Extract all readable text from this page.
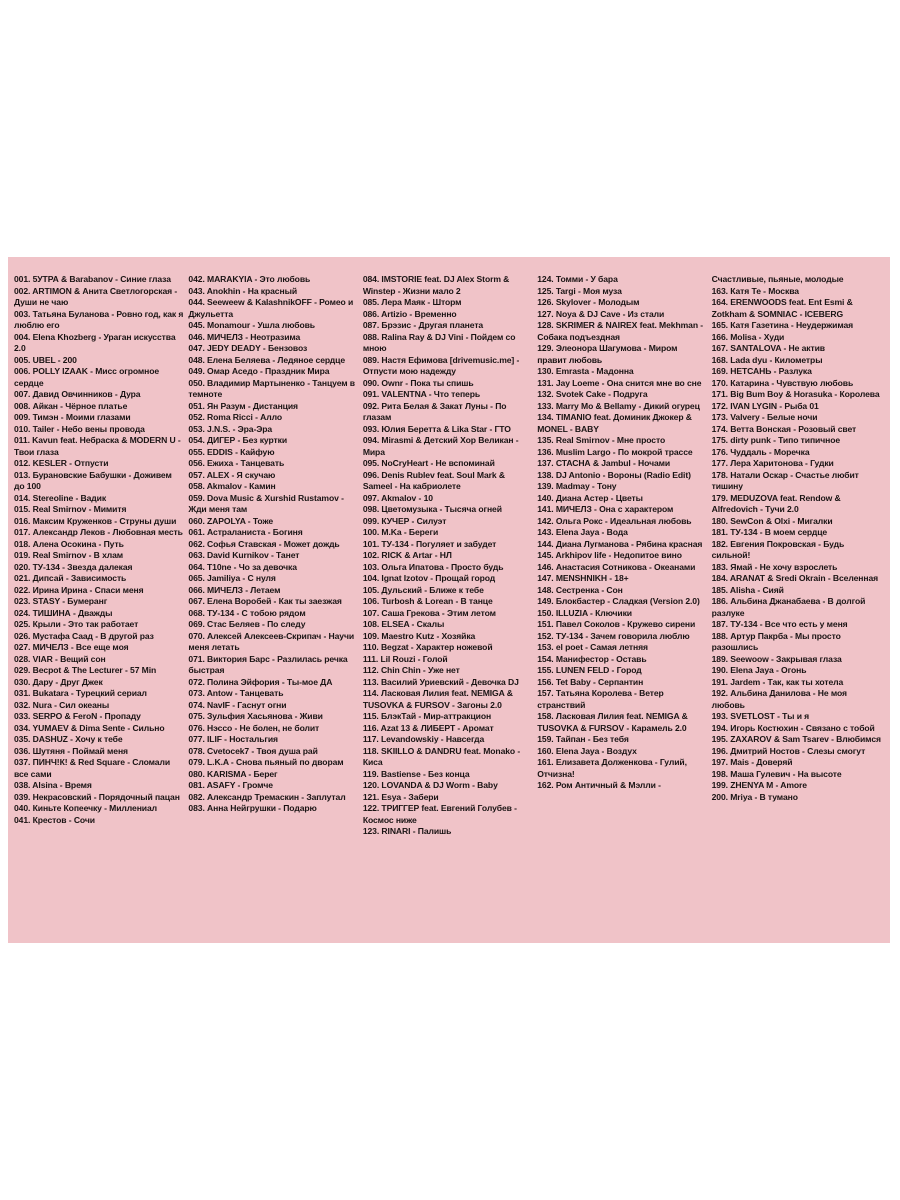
001. 5УТРА & Barabanov - Синие глаза
002. ARTIMON & Анита Светлогорская - Души не чаю
003. Татьяна Буланова - Ровно год, как я люблю его
004. Elena Khozberg - Ураган искусства 2.0
005. UBEL - 200
006. POLLY IZAAK - Мисс огромное сердце
007. Давид Овчинников - Дура
008. Айкан - Чёрное платье
009. Тимэн - Моими глазами
010. Tailer - Небо вены провода
011. Kavun feat. Небраска & MODERN U - Твои глаза
012. KESLER - Отпусти
013. Бурановские Бабушки - Доживем до 100
014. Stereoline - Вадик
015. Real Smirnov - Мимитя
016. Максим Круженков - Струны души
017. Александр Леков - Любовная месть
018. Алена Осокина - Путь
019. Real Smirnov - В хлам
020. ТУ-134 - Звезда далекая
021. Дипсай - Зависимость
022. Ирина Ирина - Спаси меня
023. STASY - Бумеранг
024. ТИШИНА - Дважды
025. Крыли - Это так работает
026. Мустафа Саад - В другой раз
027. МИЧЕЛЗ - Все еще моя
028. VIAR - Вещий сон
029. Becpot & The Lecturer - 57 Min
030. Дару - Друг Джек
031. Bukatara - Турецкий сериал
032. Nura - Сил океаны
033. SERPO & FeroN - Пропаду
034. YUMAEV & Dima Sente - Сильно
035. DASHUZ - Хочу к тебе
036. Шутяня - Поймай меня
037. ПИНЧ!К! & Red Square - Сломали все сами
038. Alsina - Время
039. Некрасовский - Порядочный пацан
040. Киньте Копеечку - Миллениал
041. Крестов - Сочи
042. MARAKYIA - Это любовь
043. Anokhin - На красный
044. Seeweew & KalashnikOFF - Ромео и Джульетта
045. Monamour - Ушла любовь
046. МИЧЕЛЗ - Неотразима
047. JEDY DEADY - Бензовоз
048. Елена Беляева - Ледяное сердце
049. Омар Аседо - Праздник Мира
050. Владимир Мартыненко - Танцуем в темноте
051. Ян Разум - Дистанция
052. Roma Ricci - Алло
053. J.N.S. - Эра-Эра
054. ДИГЕР - Без куртки
055. EDDIS - Кайфую
056. Ежиха - Танцевать
057. ALEX - Я скучаю
058. Akmalov - Камин
059. Dova Music & Xurshid Rustamov - Жди меня там
060. ZAPOLYA - Тоже
061. Астраланиста - Богиня
062. Софья Ставская - Может дождь
063. David Kurnikov - Танет
064. T10ne - Чо за девочка
065. Jamiliya - С нуля
066. МИЧЕЛЗ - Летаем
067. Елена Воробей - Как ты заезжая
068. ТУ-134 - С тобою рядом
069. Стас Беляев - По следу
070. Алексей Алексеев-Скрипач - Научи меня летать
071. Виктория Барс - Разлилась речка быстрая
072. Полина Эйфория - Ты-мое ДА
073. Antow - Танцевать
074. NavIF - Гаснут огни
075. Зульфия Хасьянова - Живи
076. Нэссо - Не болен, не болит
077. ILIF - Ностальгия
078. Cvetocek7 - Твоя душа рай
079. L.K.A - Снова пьяный по дворам
080. KARISMA - Берег
081. ASAFY - Громче
082. Александр Тремаскин - Заплутал
083. Анна Нейгрушки - Подарю
084. IMSTORIE feat. DJ Alex Storm & Winstep - Жизни мало 2
085. Лера Маяк - Шторм
086. Artizio - Временно
087. Брэзис - Другая планета
088. Ralina Ray & DJ Vini - Пойдем со мною
089. Настя Ефимова [drivemusic.me] - Отпусти мою надежду
090. Ownr - Пока ты спишь
091. VALENTNA - Что теперь
092. Рита Белая & Закат Луны - По глазам
093. Юлия Беретта & Lika Star - ГТО
094. Mirasmi & Детский Хор Великан - Мира
095. NoCryHeart - Не вспоминай
096. Denis Rublev feat. Soul Mark & Sameel - На кабриолете
097. Akmalov - 10
098. Цветомузыка - Тысяча огней
099. КУЧЕР - Силуэт
100. M.Ka - Береги
101. ТУ-134 - Погуляет и забудет
102. RICK & Artar - НЛ
103. Ольга Ипатова - Просто будь
104. Ignat Izotov - Прощай город
105. Дульский - Ближе к тебе
106. Turbosh & Lorean - В танце
107. Саша Грекова - Этим летом
108. ELSEA - Скалы
109. Maestro Kutz - Хозяйка
110. Begzat - Характер ножевой
111. Lil Rouzi - Голой
112. Chin Chin - Уже нет
113. Василий Уриевский - Девочка DJ
114. Ласковая Лилия feat. NEMIGA & TUSOVKA & FURSOV - Загоны 2.0
115. БлэкТай - Мир-аттракцион
116. Azat 13 & ЛИБЕРТ - Аромат
117. Levandowskiy - Навсегда
118. SKIILLO & DANDRU feat. Monako - Киса
119. Bastiense - Без конца
120. LOVANDA & DJ Worm - Baby
121. Esya - Забери
122. ТРИГГЕР feat. Евгений Голубев - Космос ниже
123. RINARI - Палишь
124. Томми - У бара
125. Targi - Моя муза
126. Skylover - Молодым
127. Noya & DJ Cave - Из стали
128. SKRIMER & NAIREX feat. Mekhman - Собака подъездная
129. Элеонора Шагумова - Миром правит любовь
130. Emrasta - Мадонна
131. Jay Loeme - Она снится мне во сне
132. Svotek Cake - Подруга
133. Marry Mo & Bellamy - Дикий огурец
134. TIMANIO feat. Доминик Джокер & MONEL - BABY
135. Real Smirnov - Мне просто
136. Muslim Largo - По мокрой трассе
137. СТАСНА & Jambul - Ночами
138. DJ Antonio - Вороны (Radio Edit)
139. Madmay - Тону
140. Диана Астер - Цветы
141. МИЧЕЛЗ - Она с характером
142. Ольга Рокс - Идеальная любовь
143. Elena Jaya - Вода
144. Диана Лугманова - Рябина красная
145. Arkhipov life - Недопитое вино
146. Анастасия Сотникова - Океанами
147. MENSHNIKH - 18+
148. Сестренка - Сон
149. Блокбастер - Сладкая (Version 2.0)
150. ILLUZIA - Ключики
151. Павел Соколов - Кружево сирени
152. ТУ-134 - Зачем говорила люблю
153. el poet - Самая летняя
154. Манифестор - Оставь
155. LUNEN FELD - Город
156. Tet Baby - Серпантин
157. Татьяна Королева - Ветер странствий
158. Ласковая Лилия feat. NEMIGA & TUSOVKA & FURSOV - Карамель 2.0
159. Тайпан - Без тебя
160. Elena Jaya - Воздух
161. Елизавета Долженкова - Гулий, Отчизна!
162. Ром Античный & Мэлли -
Счастливые, пьяные, молодые
163. Катя Те - Москва
164. ERENWOODS feat. Ent Esmi & Zotkham & SOMNIAC - ICEBERG
165. Катя Газетина - Неудержимая
166. Molisa - Худи
167. SANTALOVA - Не актив
168. Lada dyu - Километры
169. НЕТСАНЬ - Разлука
170. Катарина - Чувствую любовь
171. Big Bum Boy & Horasuka - Королева
172. IVAN LYGIN - Рыба 01
173. Valvery - Белые ночи
174. Ветта Вонская - Розовый свет
175. dirty punk - Типо типичное
176. Чуддаль - Моречка
177. Лера Харитонова - Гудки
178. Натали Оскар - Счастье любит тишину
179. MEDUZOVA feat. Rendow & Alfredovich - Тучи 2.0
180. SewCon & Olxi - Мигалки
181. ТУ-134 - В моем сердце
182. Евгения Покровская - Будь сильной!
183. Ямай - Не хочу взрослеть
184. ARANAT & Sredi Okrain - Вселенная
185. Alisha - Сияй
186. Альбина Джанабаева - В долгой разлуке
187. ТУ-134 - Все что есть у меня
188. Артур Пакрба - Мы просто разошлись
189. Seewoow - Закрывая глаза
190. Elena Jaya - Огонь
191. Jardem - Так, как ты хотела
192. Альбина Данилова - Не моя любовь
193. SVETLOST - Ты и я
194. Игорь Костюхин - Связано с тобой
195. ZAXAROV & Sam Tsarev - Влюбимся
196. Дмитрий Ностов - Слезы смогут
197. Mais - Доверяй
198. Маша Гулевич - На высоте
199. ZHENYA M - Amore
200. Mriya - В тумано
